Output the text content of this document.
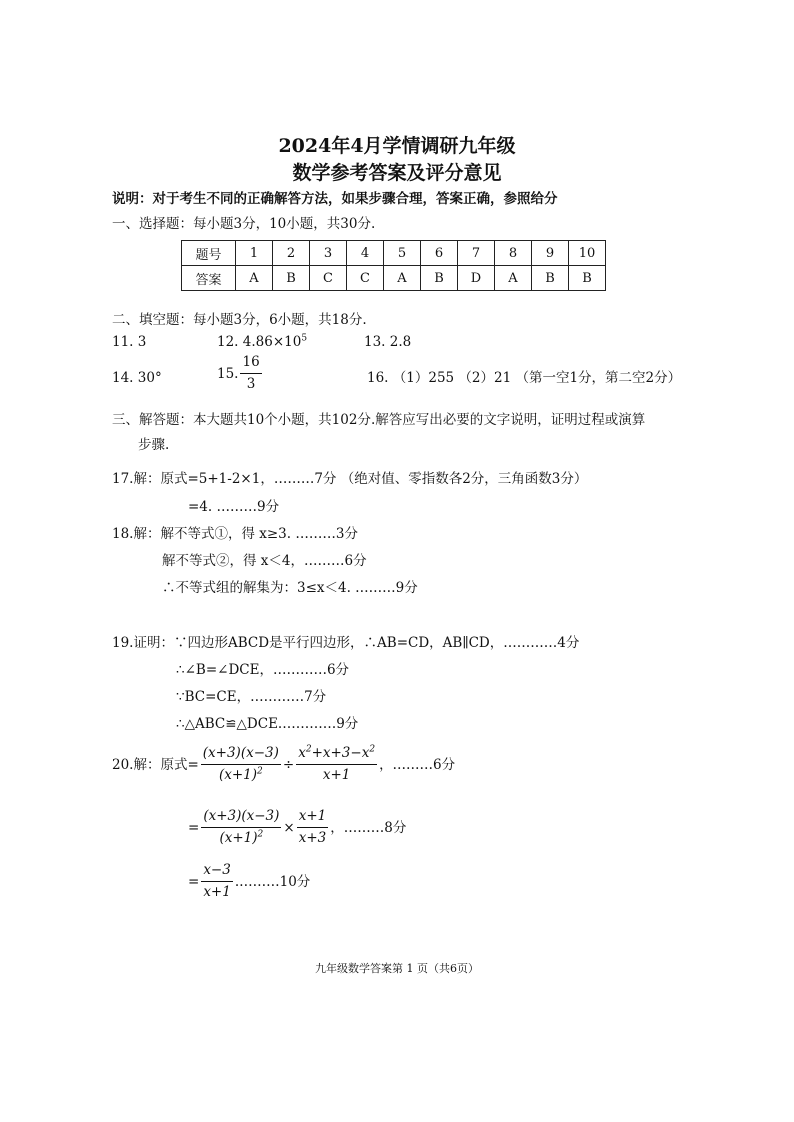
2024年4月学情调研九年级
数学参考答案及评分意见
说明：对于考生不同的正确解答方法，如果步骤合理，答案正确，参照给分
一、选择题：每小题3分，10小题，共30分.
题号	1	2	3	4	5	6	7	8	9	10
答案	A	B	C	C	A	B	D	A	B	B
二、填空题：每小题3分，6小题，共18分.
11. 3	12. $4.86\times 10^5$	13. 2.8
14. 30°	15. $\frac{16}{3}$	16. （1）255 （2）21 （第一空1分，第二空2分）
三、解答题：本大题共10个小题，共102分.解答应写出必要的文字说明，证明过程或演算
步骤.
17.解：原式=5+1-2×1，………7分 （绝对值、零指数各2分，三角函数3分）
=4. ………9分
18.解：解不等式①，得 x≥3. ………3分
解不等式②，得 x＜4，………6分
∴不等式组的解集为：3≤x＜4. ………9分
19.证明：∵四边形ABCD是平行四边形，∴AB=CD，AB∥CD，…………4分
∴∠B=∠DCE，…………6分
∵BC=CE，…………7分
∴△ABC≌△DCE.…………9分
20.解：原式= $\frac{(x+3)(x-3)}{(x+1)^2} \div \frac{x^2+x+3-x^2}{x+1}$ ，………6分
= $\frac{(x+3)(x-3)}{(x+1)^2} \times \frac{x+1}{x+3}$ ，………8分
= $\frac{x-3}{x+1}$ .………10分
九年级数学答案第 1 页（共6页）
